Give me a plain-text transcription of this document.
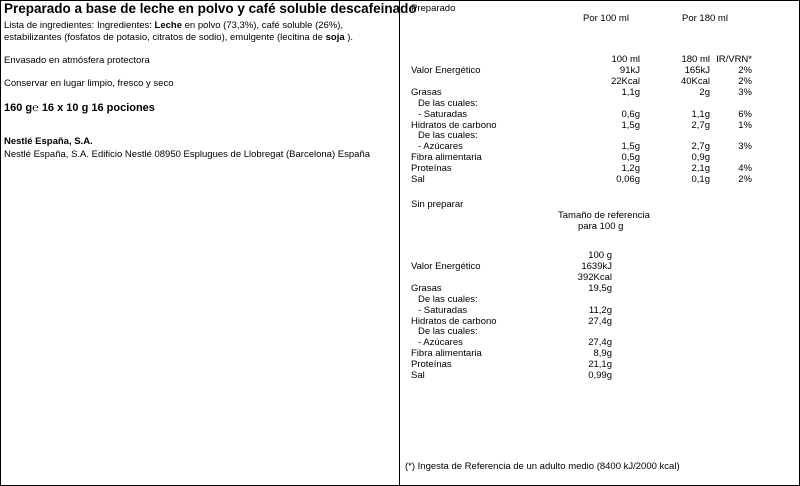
Preparado a base de leche en polvo y café soluble descafeinado
Lista de ingredientes: Ingredientes: Leche en polvo (73,3%), café soluble (26%),
estabilizantes (fosfatos de potasio, citratos de sodio), emulgente (lecitina de soja ).
Envasado en atmósfera protectora
Conservar en lugar limpio, fresco y seco
160 g℮ 16 x 10 g 16 pociones
Nestlé España, S.A.
Nestlé España, S.A. Edificio Nestlé 08950 Esplugues de Llobregat (Barcelona) España
Preparado
Por 100 ml	Por 180 ml
100 ml	180 ml IR/VRN*
Valor Energético	91kJ	165kJ	2%
22Kcal	40Kcal	2%
Grasas	1,1g	2g	3%
De las cuales:
- Saturadas	0,6g	1,1g	6%
Hidratos de carbono	1,5g	2,7g	1%
De las cuales:
- Azúcares	1,5g	2,7g	3%
Fibra alimentaria	0,5g	0,9g
Proteínas	1,2g	2,1g	4%
Sal	0,06g	0,1g	2%
Sin preparar
Tamaño de referencia
para 100 g
100 g
Valor Energético	1639kJ
392Kcal
Grasas	19,5g
De las cuales:
- Saturadas	11,2g
Hidratos de carbono	27,4g
De las cuales:
- Azúcares	27,4g
Fibra alimentaria	8,9g
Proteínas	21,1g
Sal	0,99g
(*) Ingesta de Referencia de un adulto medio (8400 kJ/2000 kcal)
